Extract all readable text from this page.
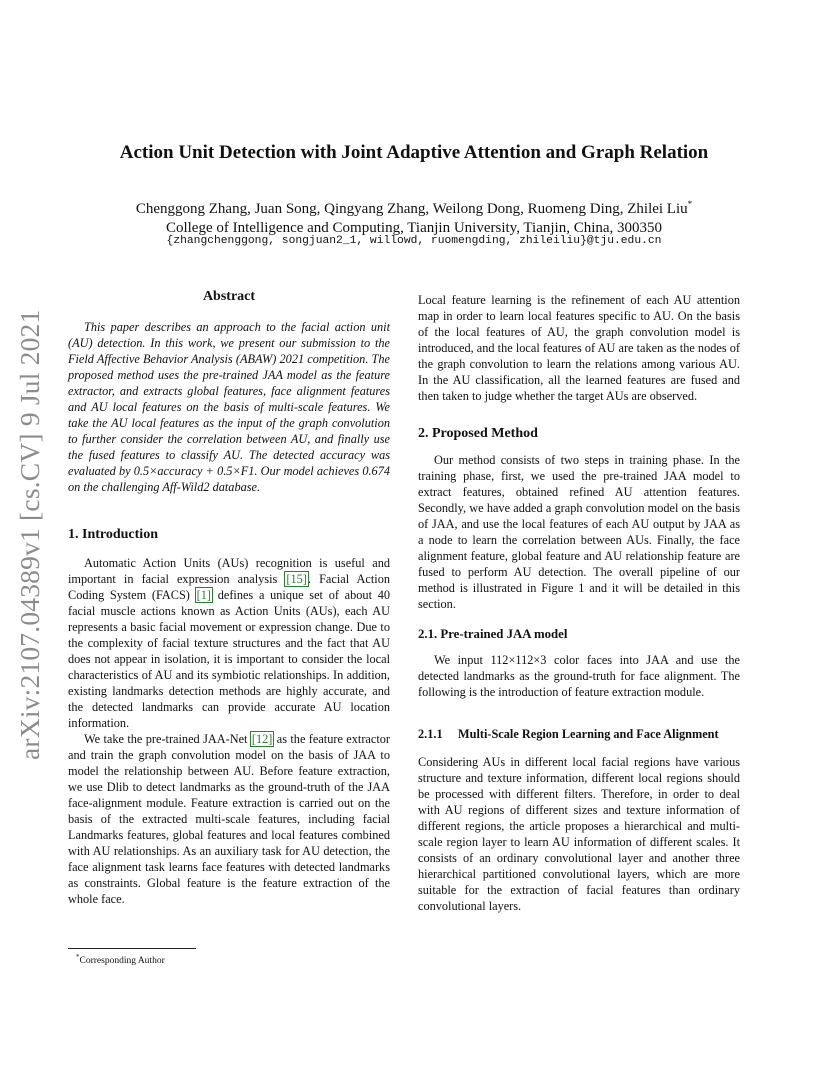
arXiv:2107.04389v1 [cs.CV] 9 Jul 2021
Action Unit Detection with Joint Adaptive Attention and Graph Relation
Chenggong Zhang, Juan Song, Qingyang Zhang, Weilong Dong, Ruomeng Ding, Zhilei Liu*
College of Intelligence and Computing, Tianjin University, Tianjin, China, 300350
{zhangchenggong, songjuan2_1, willowd, ruomengding, zhileiliu}@tju.edu.cn
Abstract

This paper describes an approach to the facial action unit (AU) detection. In this work, we present our submission to the Field Affective Behavior Analysis (ABAW) 2021 competition. The proposed method uses the pre-trained JAA model as the feature extractor, and extracts global features, face alignment features and AU local features on the basis of multi-scale features. We take the AU local features as the input of the graph convolution to further consider the correlation between AU, and finally use the fused features to classify AU. The detected accuracy was evaluated by 0.5×accuracy + 0.5×F1. Our model achieves 0.674 on the challenging Aff-Wild2 database.

1. Introduction

Automatic Action Units (AUs) recognition is useful and important in facial expression analysis [15]. Facial Action Coding System (FACS) [1] defines a unique set of about 40 facial muscle actions known as Action Units (AUs), each AU represents a basic facial movement or expression change. Due to the complexity of facial texture structures and the fact that AU does not appear in isolation, it is important to consider the local characteristics of AU and its symbiotic relationships. In addition, existing landmarks detection methods are highly accurate, and the detected landmarks can provide accurate AU location information.

We take the pre-trained JAA-Net [12] as the feature extractor and train the graph convolution model on the basis of JAA to model the relationship between AU. Before feature extraction, we use Dlib to detect landmarks as the ground-truth of the JAA face-alignment module. Feature extraction is carried out on the basis of the extracted multi-scale features, including facial Landmarks features, global features and local features combined with AU relationships. As an auxiliary task for AU detection, the face alignment task learns face features with detected landmarks as constraints. Global feature is the feature extraction of the whole face.

*Corresponding Author

Local feature learning is the refinement of each AU attention map in order to learn local features specific to AU. On the basis of the local features of AU, the graph convolution model is introduced, and the local features of AU are taken as the nodes of the graph convolution to learn the relations among various AU. In the AU classification, all the learned features are fused and then taken to judge whether the target AUs are observed.

2. Proposed Method

Our method consists of two steps in training phase. In the training phase, first, we used the pre-trained JAA model to extract features, obtained refined AU attention features. Secondly, we have added a graph convolution model on the basis of JAA, and use the local features of each AU output by JAA as a node to learn the correlation between AUs. Finally, the face alignment feature, global feature and AU relationship feature are fused to perform AU detection. The overall pipeline of our method is illustrated in Figure 1 and it will be detailed in this section.

2.1. Pre-trained JAA model

We input 112×112×3 color faces into JAA and use the detected landmarks as the ground-truth for face alignment. The following is the introduction of feature extraction module.

2.1.1	Multi-Scale Region Learning and Face Alignment

Considering AUs in different local facial regions have various structure and texture information, different local regions should be processed with different filters. Therefore, in order to deal with AU regions of different sizes and texture information of different regions, the article proposes a hierarchical and multi-scale region layer to learn AU information of different scales. It consists of an ordinary convolutional layer and another three hierarchical partitioned convolutional layers, which are more suitable for the extraction of facial features than ordinary convolutional layers.
